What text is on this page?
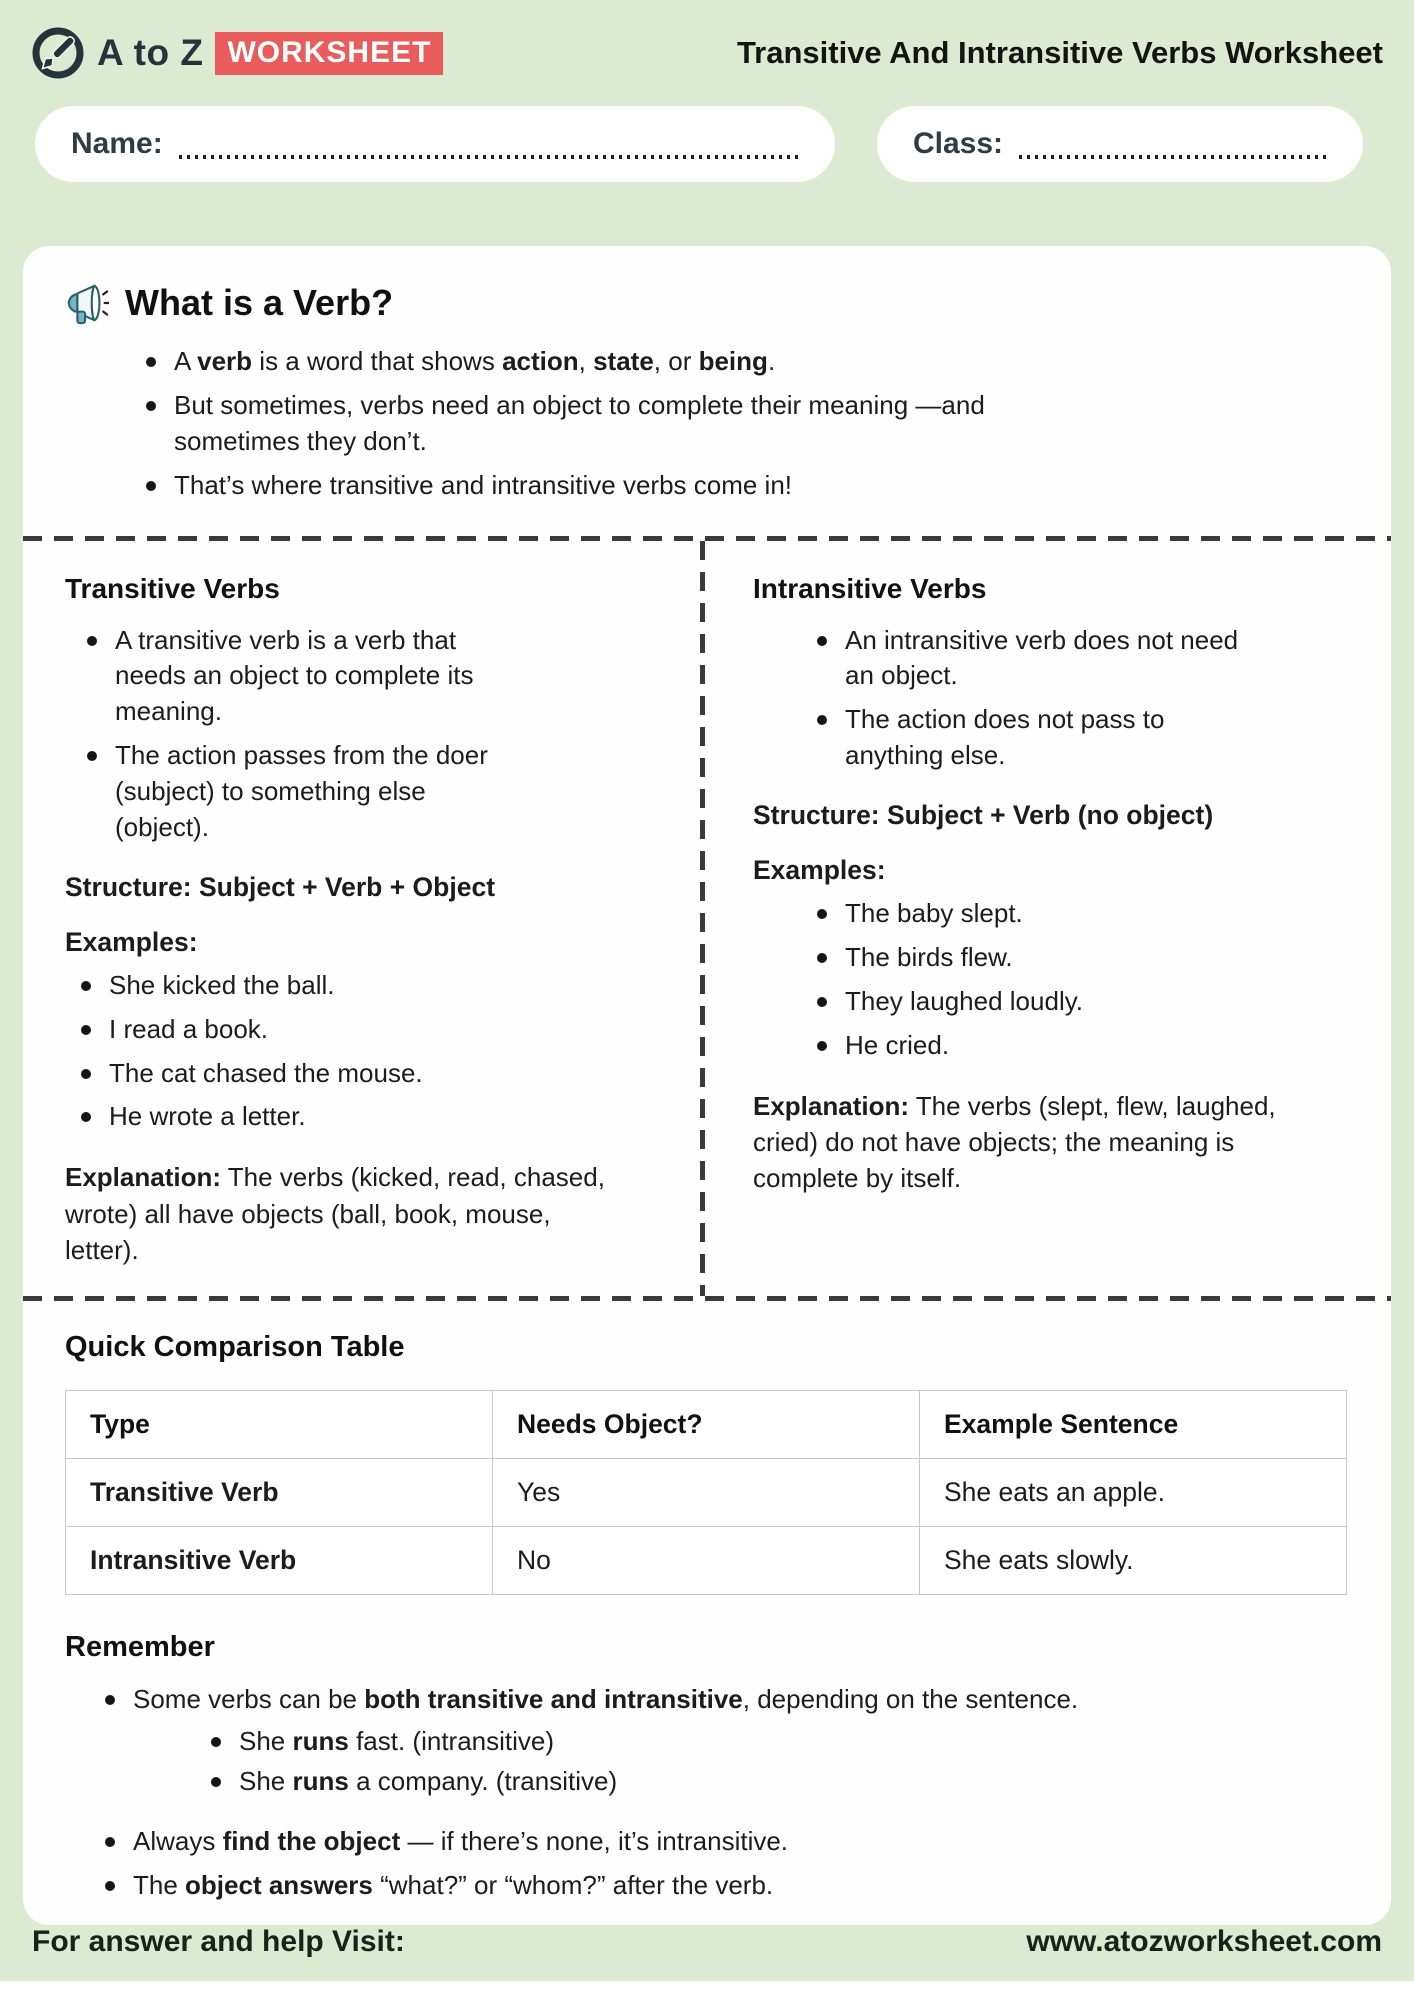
A to Z WORKSHEET	Transitive And Intransitive Verbs Worksheet
Name:	Class:
What is a Verb?
A verb is a word that shows action, state, or being.
But sometimes, verbs need an object to complete their meaning —and sometimes they don’t.
That’s where transitive and intransitive verbs come in!
Transitive Verbs
A transitive verb is a verb that needs an object to complete its meaning.
The action passes from the doer (subject) to something else (object).
Structure: Subject + Verb + Object
Examples:
She kicked the ball.
I read a book.
The cat chased the mouse.
He wrote a letter.
Explanation: The verbs (kicked, read, chased, wrote) all have objects (ball, book, mouse, letter).
Intransitive Verbs
An intransitive verb does not need an object.
The action does not pass to anything else.
Structure: Subject + Verb (no object)
Examples:
The baby slept.
The birds flew.
They laughed loudly.
He cried.
Explanation: The verbs (slept, flew, laughed, cried) do not have objects; the meaning is complete by itself.
Quick Comparison Table
Type	Needs Object?	Example Sentence
Transitive Verb	Yes	She eats an apple.
Intransitive Verb	No	She eats slowly.
Remember
Some verbs can be both transitive and intransitive, depending on the sentence.
She runs fast. (intransitive)
She runs a company. (transitive)
Always find the object — if there’s none, it’s intransitive.
The object answers “what?” or “whom?” after the verb.
For answer and help Visit:	www.atozworksheet.com
